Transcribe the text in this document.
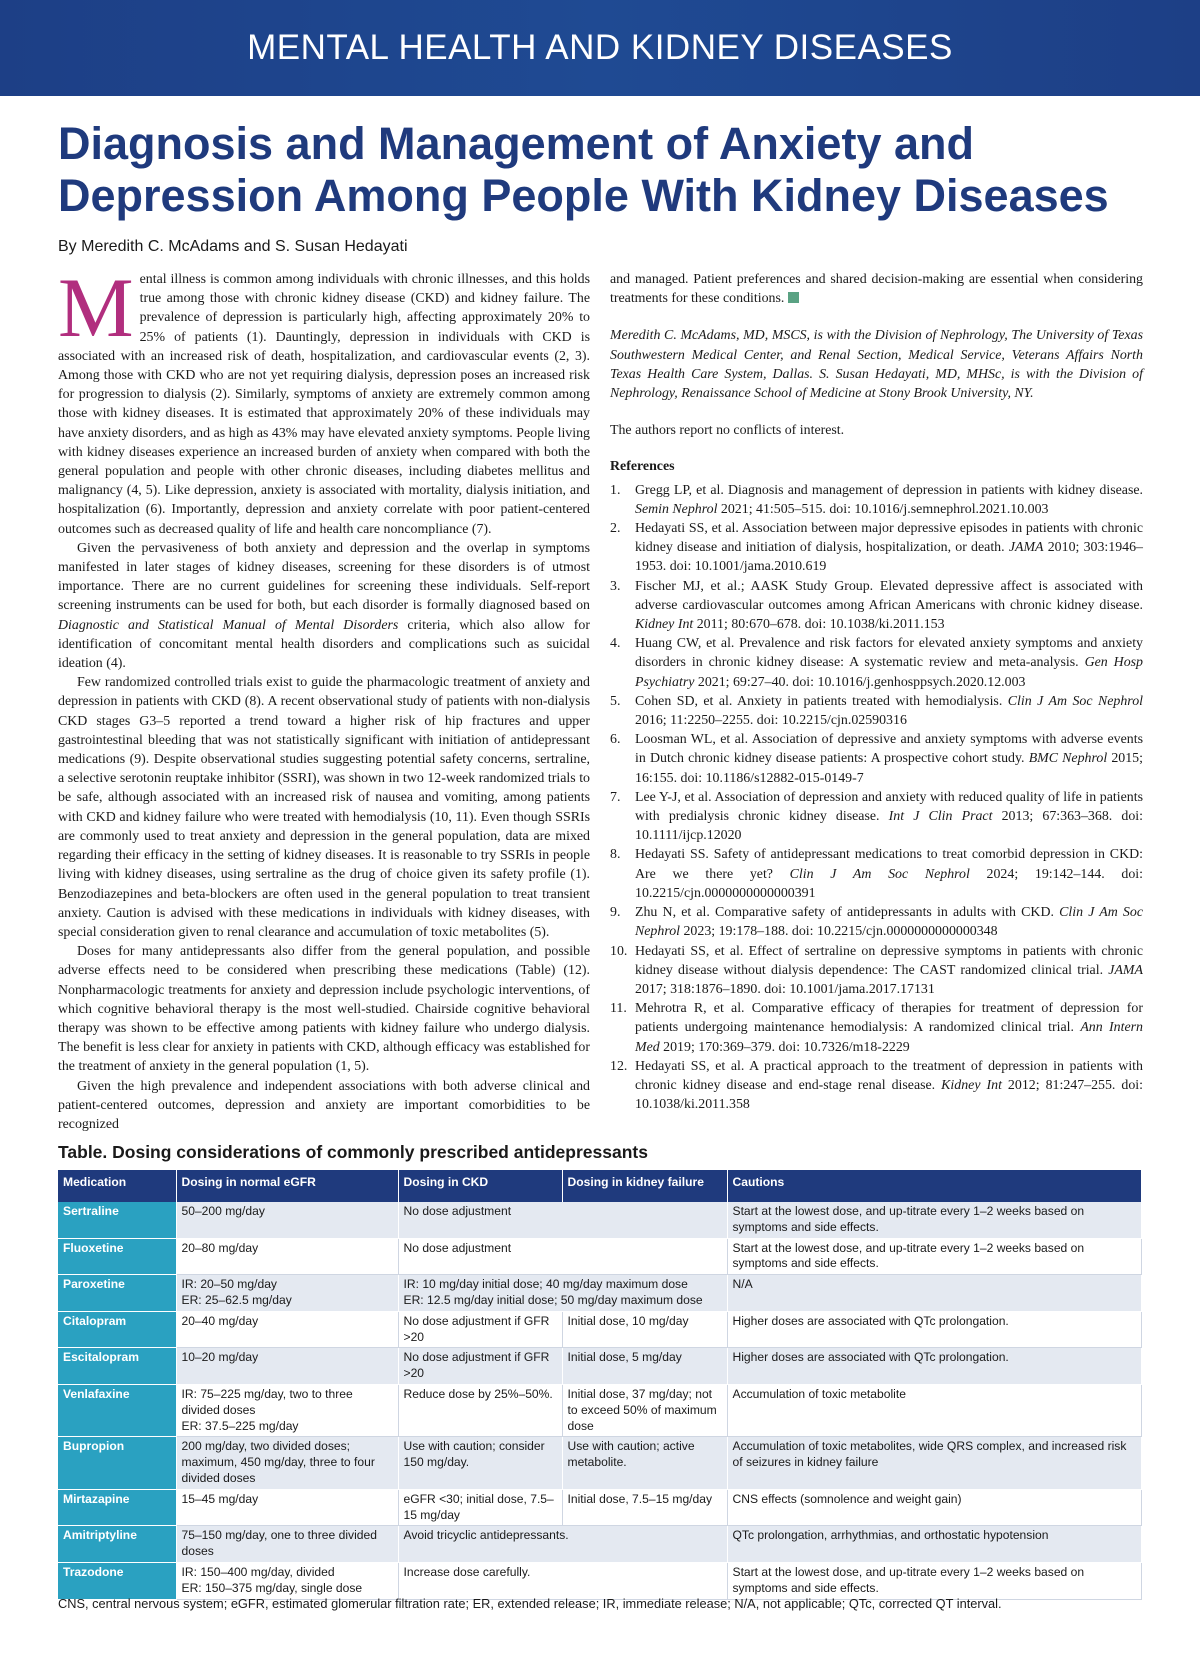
MENTAL HEALTH AND KIDNEY DISEASES
Diagnosis and Management of Anxiety and
Depression Among People With Kidney Diseases
By Meredith C. McAdams and S. Susan Hedayati

Mental illness is common among individuals with chronic illnesses, and this holds true among those with chronic kidney disease (CKD) and kidney failure. The prevalence of depression is particularly high, affecting approximately 20% to 25% of patients (1). Dauntingly, depression in individuals with CKD is associated with an increased risk of death, hospitalization, and cardiovascular events (2, 3). Among those with CKD who are not yet requiring dialysis, depression poses an increased risk for progression to dialysis (2). Similarly, symptoms of anxiety are extremely common among those with kidney diseases. It is estimated that approximately 20% of these individuals may have anxiety disorders, and as high as 43% may have elevated anxiety symptoms. People living with kidney diseases experience an increased burden of anxiety when compared with both the general population and people with other chronic diseases, including diabetes mellitus and malignancy (4, 5). Like depression, anxiety is associated with mortality, dialysis initiation, and hospitalization (6). Importantly, depression and anxiety correlate with poor patient-centered outcomes such as decreased quality of life and health care noncompliance (7).

Given the pervasiveness of both anxiety and depression and the overlap in symptoms manifested in later stages of kidney diseases, screening for these disorders is of utmost importance. There are no current guidelines for screening these individuals. Self-report screening instruments can be used for both, but each disorder is formally diagnosed based on Diagnostic and Statistical Manual of Mental Disorders criteria, which also allow for identification of concomitant mental health disorders and complications such as suicidal ideation (4).

Few randomized controlled trials exist to guide the pharmacologic treatment of anxiety and depression in patients with CKD (8). A recent observational study of patients with non-dialysis CKD stages G3–5 reported a trend toward a higher risk of hip fractures and upper gastrointestinal bleeding that was not statistically significant with initiation of antidepressant medications (9). Despite observational studies suggesting potential safety concerns, sertraline, a selective serotonin reuptake inhibitor (SSRI), was shown in two 12-week randomized trials to be safe, although associated with an increased risk of nausea and vomiting, among patients with CKD and kidney failure who were treated with hemodialysis (10, 11). Even though SSRIs are commonly used to treat anxiety and depression in the general population, data are mixed regarding their efficacy in the setting of kidney diseases. It is reasonable to try SSRIs in people living with kidney diseases, using sertraline as the drug of choice given its safety profile (1). Benzodiazepines and beta-blockers are often used in the general population to treat transient anxiety. Caution is advised with these medications in individuals with kidney diseases, with special consideration given to renal clearance and accumulation of toxic metabolites (5).

Doses for many antidepressants also differ from the general population, and possible adverse effects need to be considered when prescribing these medications (Table) (12). Nonpharmacologic treatments for anxiety and depression include psychologic interventions, of which cognitive behavioral therapy is the most well-studied. Chairside cognitive behavioral therapy was shown to be effective among patients with kidney failure who undergo dialysis. The benefit is less clear for anxiety in patients with CKD, although efficacy was established for the treatment of anxiety in the general population (1, 5).

Given the high prevalence and independent associations with both adverse clinical and patient-centered outcomes, depression and anxiety are important comorbidities to be recognized

and managed. Patient preferences and shared decision-making are essential when considering treatments for these conditions.

Meredith C. McAdams, MD, MSCS, is with the Division of Nephrology, The University of Texas Southwestern Medical Center, and Renal Section, Medical Service, Veterans Affairs North Texas Health Care System, Dallas. S. Susan Hedayati, MD, MHSc, is with the Division of Nephrology, Renaissance School of Medicine at Stony Brook University, NY.

The authors report no conflicts of interest.

References

1.	Gregg LP, et al. Diagnosis and management of depression in patients with kidney disease. Semin Nephrol 2021; 41:505–515. doi: 10.1016/j.semnephrol.2021.10.003
2.	Hedayati SS, et al. Association between major depressive episodes in patients with chronic kidney disease and initiation of dialysis, hospitalization, or death. JAMA 2010; 303:1946–1953. doi: 10.1001/jama.2010.619
3.	Fischer MJ, et al.; AASK Study Group. Elevated depressive affect is associated with adverse cardiovascular outcomes among African Americans with chronic kidney disease. Kidney Int 2011; 80:670–678. doi: 10.1038/ki.2011.153
4.	Huang CW, et al. Prevalence and risk factors for elevated anxiety symptoms and anxiety disorders in chronic kidney disease: A systematic review and meta-analysis. Gen Hosp Psychiatry 2021; 69:27–40. doi: 10.1016/j.genhosppsych.2020.12.003
5.	Cohen SD, et al. Anxiety in patients treated with hemodialysis. Clin J Am Soc Nephrol 2016; 11:2250–2255. doi: 10.2215/cjn.02590316
6.	Loosman WL, et al. Association of depressive and anxiety symptoms with adverse events in Dutch chronic kidney disease patients: A prospective cohort study. BMC Nephrol 2015; 16:155. doi: 10.1186/s12882-015-0149-7
7.	Lee Y-J, et al. Association of depression and anxiety with reduced quality of life in patients with predialysis chronic kidney disease. Int J Clin Pract 2013; 67:363–368. doi: 10.1111/ijcp.12020
8.	Hedayati SS. Safety of antidepressant medications to treat comorbid depression in CKD: Are we there yet? Clin J Am Soc Nephrol 2024; 19:142–144. doi: 10.2215/cjn.0000000000000391
9.	Zhu N, et al. Comparative safety of antidepressants in adults with CKD. Clin J Am Soc Nephrol 2023; 19:178–188. doi: 10.2215/cjn.0000000000000348
10. Hedayati SS, et al. Effect of sertraline on depressive symptoms in patients with chronic kidney disease without dialysis dependence: The CAST randomized clinical trial. JAMA 2017; 318:1876–1890. doi: 10.1001/jama.2017.17131
11. Mehrotra R, et al. Comparative efficacy of therapies for treatment of depression for patients undergoing maintenance hemodialysis: A randomized clinical trial. Ann Intern Med 2019; 170:369–379. doi: 10.7326/m18-2229
12. Hedayati SS, et al. A practical approach to the treatment of depression in patients with chronic kidney disease and end-stage renal disease. Kidney Int 2012; 81:247–255. doi: 10.1038/ki.2011.358
Table. Dosing considerations of commonly prescribed antidepressants
Medication	Dosing in normal eGFR	Dosing in CKD	Dosing in kidney failure	Cautions
Sertraline	50–200 mg/day	No dose adjustment		Start at the lowest dose, and up-titrate every 1–2 weeks based on symptoms and side effects.

Fluoxetine	20–80 mg/day	No dose adjustment		Start at the lowest dose, and up-titrate every 1–2 weeks based on symptoms and side effects.

Paroxetine	IR: 20–50 mg/day
ER: 25–62.5 mg/day	IR: 10 mg/day initial dose; 40 mg/day maximum dose
ER: 12.5 mg/day initial dose; 50 mg/day maximum dose		N/A

Citalopram	20–40 mg/day	No dose adjustment if GFR >20	Initial dose, 10 mg/day	Higher doses are associated with QTc prolongation.

Escitalopram	10–20 mg/day	No dose adjustment if GFR >20	Initial dose, 5 mg/day	Higher doses are associated with QTc prolongation.

Venlafaxine	IR: 75–225 mg/day, two to three divided doses
ER: 37.5–225 mg/day	Reduce dose by 25%–50%.	Initial dose, 37 mg/day; not to exceed 50% of maximum dose	Accumulation of toxic metabolite

Bupropion	200 mg/day, two divided doses; maximum, 450 mg/day, three to four divided doses	Use with caution; consider 150 mg/day.	Use with caution; active metabolite.	Accumulation of toxic metabolites, wide QRS complex, and increased risk of seizures in kidney failure

Mirtazapine	15–45 mg/day	eGFR <30; initial dose, 7.5–15 mg/day	Initial dose, 7.5–15 mg/day	CNS effects (somnolence and weight gain)

Amitriptyline	75–150 mg/day, one to three divided doses	Avoid tricyclic antidepressants.		QTc prolongation, arrhythmias, and orthostatic hypotension

Trazodone	IR: 150–400 mg/day, divided
ER: 150–375 mg/day, single dose	Increase dose carefully.		Start at the lowest dose, and up-titrate every 1–2 weeks based on symptoms and side effects.
CNS, central nervous system; eGFR, estimated glomerular filtration rate; ER, extended release; IR, immediate release; N/A, not applicable; QTc, corrected QT interval.
